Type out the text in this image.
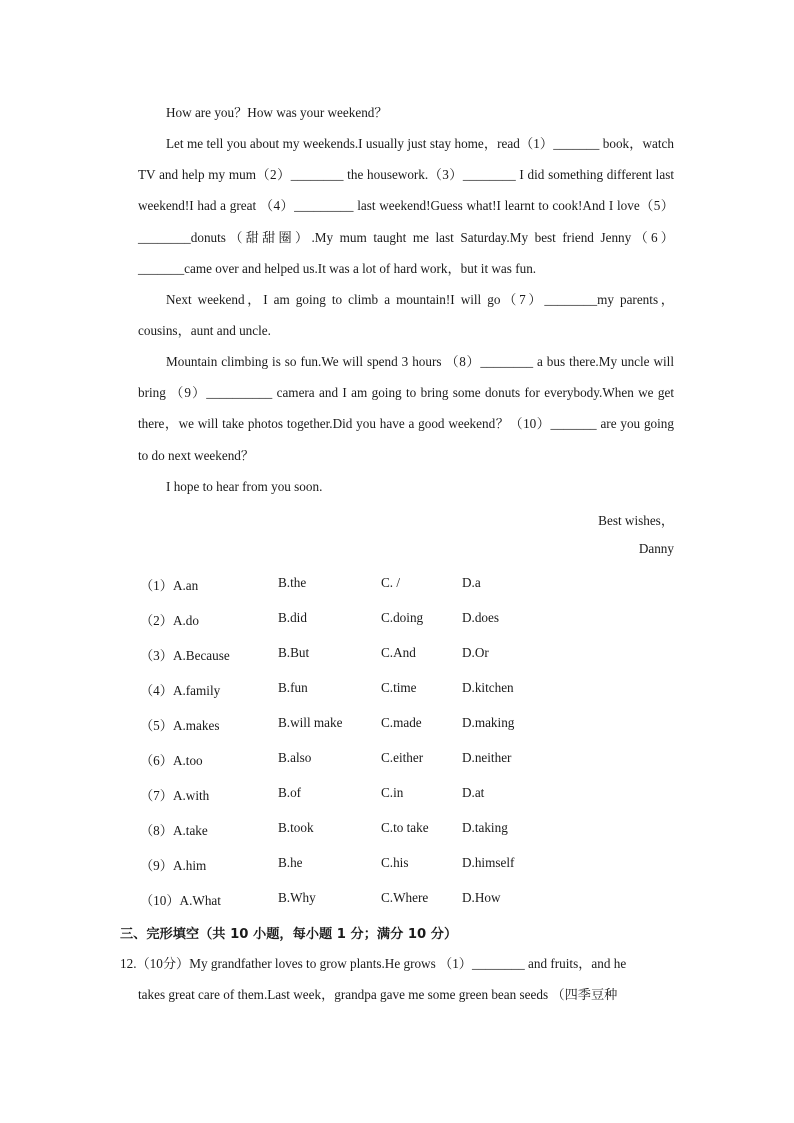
How are you？How was your weekend？

Let me tell you about my weekends.I usually just stay home，read（1）_______ book，watch TV and help my mum（2）________ the housework.（3）________ I did something different last weekend!I had a great （4）_________ last weekend!Guess what!I learnt to cook!And I love（5）________donuts（甜甜圈）.My mum taught me last Saturday.My best friend Jenny（6）_______came over and helped us.It was a lot of hard work，but it was fun.

Next weekend，I am going to climb a mountain!I will go（7）________my parents，cousins，aunt and uncle.

Mountain climbing is so fun.We will spend 3 hours （8）________ a bus there.My uncle will bring （9）__________ camera and I am going to bring some donuts for everybody.When we get there，we will take photos together.Did you have a good weekend？（10）_______ are you going to do next weekend？

I hope to hear from you soon.

Best wishes，
Danny
（1）A.an	B.the	C. /	D.a
（2）A.do	B.did	C.doing	D.does
（3）A.Because	B.But	C.And	D.Or
（4）A.family	B.fun	C.time	D.kitchen
（5）A.makes	B.will make	C.made	D.making
（6）A.too	B.also	C.either	D.neither
（7）A.with	B.of	C.in	D.at
（8）A.take	B.took	C.to take	D.taking
（9）A.him	B.he	C.his	D.himself
（10）A.What	B.Why	C.Where	D.How
三、完形填空（共 10 小题，每小题 1 分；满分 10 分）

12.（10分）My grandfather loves to grow plants.He grows （1）________ and fruits，and he
takes great care of them.Last week，grandpa gave me some green bean seeds （四季豆种
